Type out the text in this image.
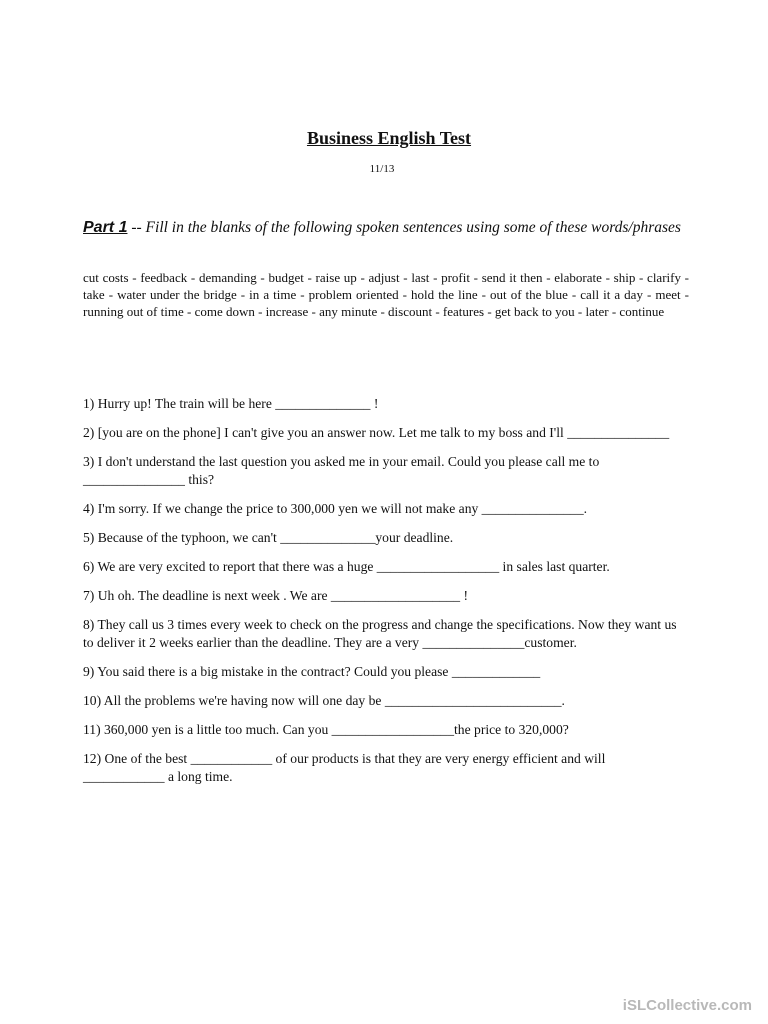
Business English Test
11/13
Part 1 -- Fill in the blanks of the following spoken sentences using some of these words/phrases
cut costs - feedback - demanding - budget - raise up - adjust - last - profit - send it then - elaborate - ship - clarify - take - water under the bridge - in a time - problem oriented - hold the line - out of the blue - call it a day - meet - running out of time - come down - increase - any minute - discount - features - get back to you - later - continue
1) Hurry up! The train will be here ______________ !
2) [you are on the phone] I can't give you an answer now. Let me talk to my boss and I'll _______________
3) I don't understand the last question you asked me in your email. Could you please call me to _______________ this?
4) I'm sorry. If we change the price to 300,000 yen we will not make any _______________.
5) Because of the typhoon, we can't ______________your deadline.
6) We are very excited to report that there was a huge __________________ in sales last quarter.
7) Uh oh. The deadline is next week . We are ___________________ !
8) They call us 3 times every week to check on the progress and change the specifications. Now they want us to deliver it 2 weeks earlier than the deadline. They are a very _______________customer.
9) You said there is a big mistake in the contract? Could you please _____________
10) All the problems we're having now will one day be __________________________.
11) 360,000 yen is a little too much. Can you __________________the price to 320,000?
12) One of the best ____________ of our products is that they are very energy efficient and will ____________ a long time.
iSLCollective.com
